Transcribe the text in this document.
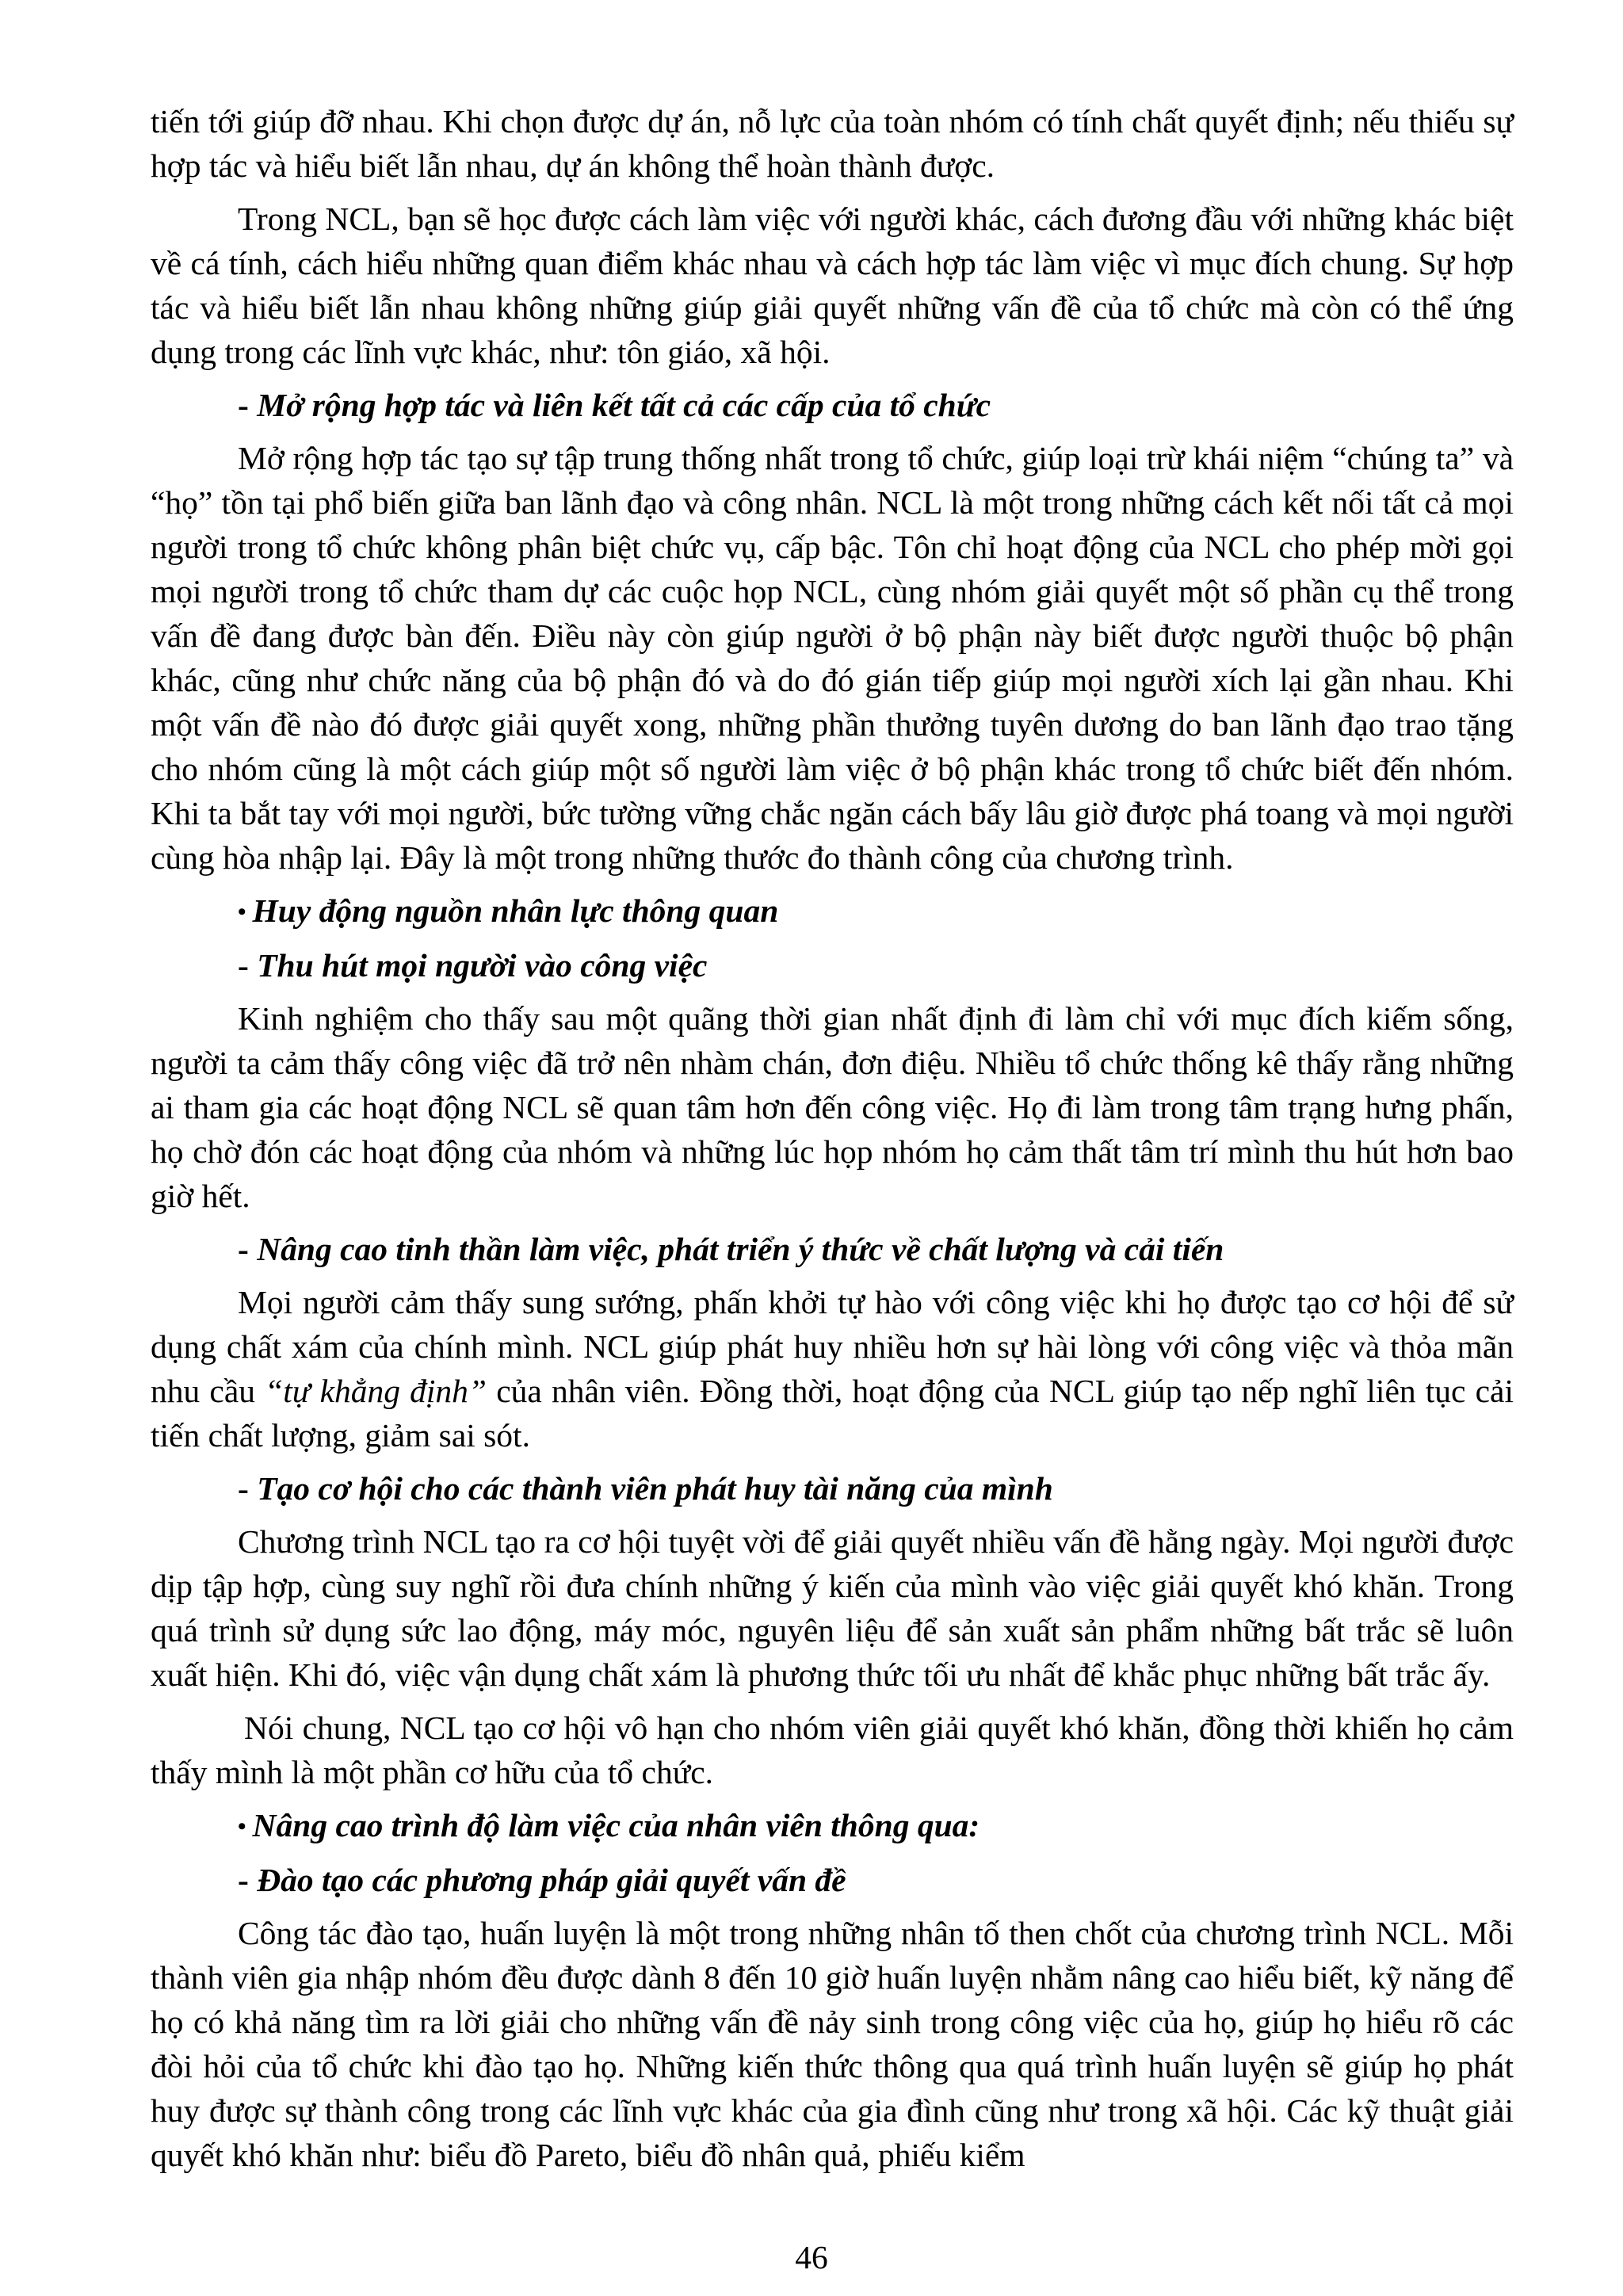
tiến tới giúp đỡ nhau. Khi chọn được dự án, nỗ lực của toàn nhóm có tính chất quyết định; nếu thiếu sự hợp tác và hiểu biết lẫn nhau, dự án không thể hoàn thành được.

Trong NCL, bạn sẽ học được cách làm việc với người khác, cách đương đầu với những khác biệt về cá tính, cách hiểu những quan điểm khác nhau và cách hợp tác làm việc vì mục đích chung. Sự hợp tác và hiểu biết lẫn nhau không những giúp giải quyết những vấn đề của tổ chức mà còn có thể ứng dụng trong các lĩnh vực khác, như: tôn giáo, xã hội.

- Mở rộng hợp tác và liên kết tất cả các cấp của tổ chức

Mở rộng hợp tác tạo sự tập trung thống nhất trong tổ chức, giúp loại trừ khái niệm “chúng ta” và “họ” tồn tại phổ biến giữa ban lãnh đạo và công nhân. NCL là một trong những cách kết nối tất cả mọi người trong tổ chức không phân biệt chức vụ, cấp bậc. Tôn chỉ hoạt động của NCL cho phép mời gọi mọi người trong tổ chức tham dự các cuộc họp NCL, cùng nhóm giải quyết một số phần cụ thể trong vấn đề đang được bàn đến. Điều này còn giúp người ở bộ phận này biết được người thuộc bộ phận khác, cũng như chức năng của bộ phận đó và do đó gián tiếp giúp mọi người xích lại gần nhau. Khi một vấn đề nào đó được giải quyết xong, những phần thưởng tuyên dương do ban lãnh đạo trao tặng cho nhóm cũng là một cách giúp một số người làm việc ở bộ phận khác trong tổ chức biết đến nhóm. Khi ta bắt tay với mọi người, bức tường vững chắc ngăn cách bấy lâu giờ được phá toang và mọi người cùng hòa nhập lại. Đây là một trong những thước đo thành công của chương trình.

• Huy động nguồn nhân lực thông quan

- Thu hút mọi người vào công việc

Kinh nghiệm cho thấy sau một quãng thời gian nhất định đi làm chỉ với mục đích kiếm sống, người ta cảm thấy công việc đã trở nên nhàm chán, đơn điệu. Nhiều tổ chức thống kê thấy rằng những ai tham gia các hoạt động NCL sẽ quan tâm hơn đến công việc. Họ đi làm trong tâm trạng hưng phấn, họ chờ đón các hoạt động của nhóm và những lúc họp nhóm họ cảm thất tâm trí mình thu hút hơn bao giờ hết.

- Nâng cao tinh thần làm việc, phát triển ý thức về chất lượng và cải tiến

Mọi người cảm thấy sung sướng, phấn khởi tự hào với công việc khi họ được tạo cơ hội để sử dụng chất xám của chính mình. NCL giúp phát huy nhiều hơn sự hài lòng với công việc và thỏa mãn nhu cầu “tự khẳng định” của nhân viên. Đồng thời, hoạt động của NCL giúp tạo nếp nghĩ liên tục cải tiến chất lượng, giảm sai sót.

- Tạo cơ hội cho các thành viên phát huy tài năng của mình

Chương trình NCL tạo ra cơ hội tuyệt vời để giải quyết nhiều vấn đề hằng ngày. Mọi người được dịp tập hợp, cùng suy nghĩ rồi đưa chính những ý kiến của mình vào việc giải quyết khó khăn. Trong quá trình sử dụng sức lao động, máy móc, nguyên liệu để sản xuất sản phẩm những bất trắc sẽ luôn xuất hiện. Khi đó, việc vận dụng chất xám là phương thức tối ưu nhất để khắc phục những bất trắc ấy.

Nói chung, NCL tạo cơ hội vô hạn cho nhóm viên giải quyết khó khăn, đồng thời khiến họ cảm thấy mình là một phần cơ hữu của tổ chức.

• Nâng cao trình độ làm việc của nhân viên thông qua:

- Đào tạo các phương pháp giải quyết vấn đề

Công tác đào tạo, huấn luyện là một trong những nhân tố then chốt của chương trình NCL. Mỗi thành viên gia nhập nhóm đều được dành 8 đến 10 giờ huấn luyện nhằm nâng cao hiểu biết, kỹ năng để họ có khả năng tìm ra lời giải cho những vấn đề nảy sinh trong công việc của họ, giúp họ hiểu rõ các đòi hỏi của tổ chức khi đào tạo họ. Những kiến thức thông qua quá trình huấn luyện sẽ giúp họ phát huy được sự thành công trong các lĩnh vực khác của gia đình cũng như trong xã hội. Các kỹ thuật giải quyết khó khăn như: biểu đồ Pareto, biểu đồ nhân quả, phiếu kiểm

46
